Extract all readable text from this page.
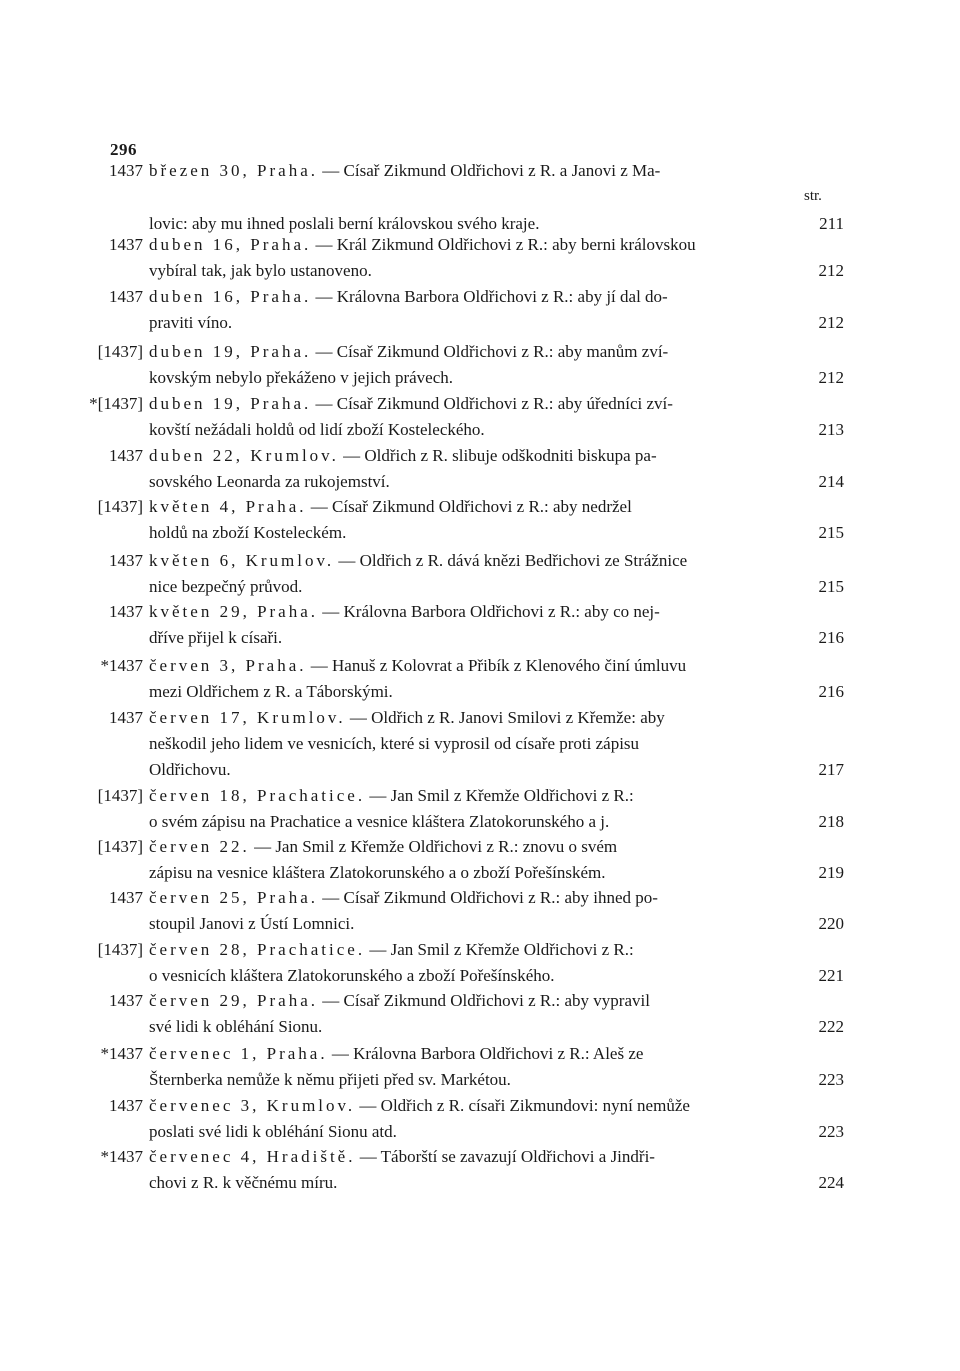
296
str.
1437 březen 30, Praha. — Císař Zikmund Oldřichovi z R. a Janovi z Ma-
lovic: aby mu ihned poslali berní královskou svého kraje.	211
1437 duben 16, Praha. — Král Zikmund Oldřichovi z R.: aby berni královskou
vybíral tak, jak bylo ustanoveno.	212
1437 duben 16, Praha. — Královna Barbora Oldřichovi z R.: aby jí dal do-
praviti víno.	212
[1437] duben 19, Praha. — Císař Zikmund Oldřichovi z R.: aby manům zví-
kovským nebylo překáženo v jejich právech.	212
*[1437] duben 19, Praha. — Císař Zikmund Oldřichovi z R.: aby úředníci zví-
kovští nežádali holdů od lidí zboží Kosteleckého.	213
1437 duben 22, Krumlov. — Oldřich z R. slibuje odškodniti biskupa pa-
sovského Leonarda za rukojemství.	214
[1437] květen 4, Praha. — Císař Zikmund Oldřichovi z R.: aby nedržel
holdů na zboží Kosteleckém.	215
1437 květen 6, Krumlov. — Oldřich z R. dává knězi Bedřichovi ze Strážnice
nice bezpečný průvod.	215
1437 květen 29, Praha. — Královna Barbora Oldřichovi z R.: aby co nej-
dříve přijel k císaři.	216
*1437 červen 3, Praha. — Hanuš z Kolovrat a Přibík z Klenového činí úmluvu
mezi Oldřichem z R. a Táborskými.	216
1437 červen 17, Krumlov. — Oldřich z R. Janovi Smilovi z Křemže: aby
neškodil jeho lidem ve vesnicích, které si vyprosil od císaře proti zápisu
Oldřichovu.	217
[1437] červen 18, Prachatice. — Jan Smil z Křemže Oldřichovi z R.:
o svém zápisu na Prachatice a vesnice kláštera Zlatokorunského a j.	218
[1437] červen 22. — Jan Smil z Křemže Oldřichovi z R.: znovu o svém
zápisu na vesnice kláštera Zlatokorunského a o zboží Pořešínském.	219
1437 červen 25, Praha. — Císař Zikmund Oldřichovi z R.: aby ihned po-
stoupil Janovi z Ústí Lomnici.	220
[1437] červen 28, Prachatice. — Jan Smil z Křemže Oldřichovi z R.:
o vesnicích kláštera Zlatokorunského a zboží Pořešínského.	221
1437 červen 29, Praha. — Císař Zikmund Oldřichovi z R.: aby vypravil
své lidi k obléhání Sionu.	222
*1437 červenec 1, Praha. — Královna Barbora Oldřichovi z R.: Aleš ze
Šternberka nemůže k němu přijeti před sv. Markétou.	223
1437 červenec 3, Krumlov. — Oldřich z R. císaři Zikmundovi: nyní nemůže
poslati své lidi k obléhání Sionu atd.	223
*1437 červenec 4, Hradiště. — Táborští se zavazují Oldřichovi a Jindři-
chovi z R. k věčnému míru.	224
